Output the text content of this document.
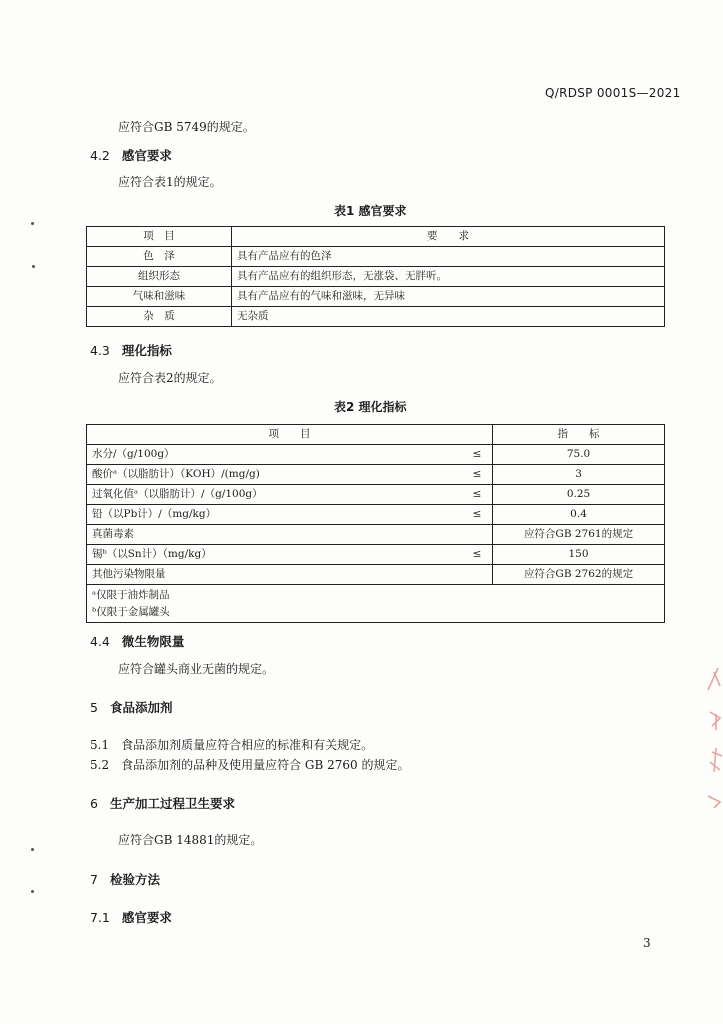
Q/RDSP 0001S—2021
应符合GB 5749的规定。
4.2 感官要求
应符合表1的规定。
表1 感官要求
项　目	要　　求
色　泽	具有产品应有的色泽
组织形态	具有产品应有的组织形态，无涨袋、无胖听。
气味和滋味	具有产品应有的气味和滋味，无异味
杂　质	无杂质
4.3 理化指标
应符合表2的规定。
表2 理化指标
项　　目		指　　标
水分/（g/100g）	≤	75.0
酸价ᵃ（以脂肪计）（KOH）/(mg/g)	≤	3
过氧化值ᵃ（以脂肪计）/（g/100g）	≤	0.25
铅（以Pb计）/（mg/kg）	≤	0.4
真菌毒素		应符合GB 2761的规定
锡ᵇ（以Sn计）（mg/kg）	≤	150
其他污染物限量		应符合GB 2762的规定

ᵃ仅限于油炸制品
ᵇ仅限于金属罐头		
4.4 微生物限量
应符合罐头商业无菌的规定。
5 食品添加剂
5.1 食品添加剂质量应符合相应的标准和有关规定。
5.2 食品添加剂的品种及使用量应符合 GB 2760 的规定。
6 生产加工过程卫生要求
应符合GB 14881的规定。
7 检验方法
7.1 感官要求
3
